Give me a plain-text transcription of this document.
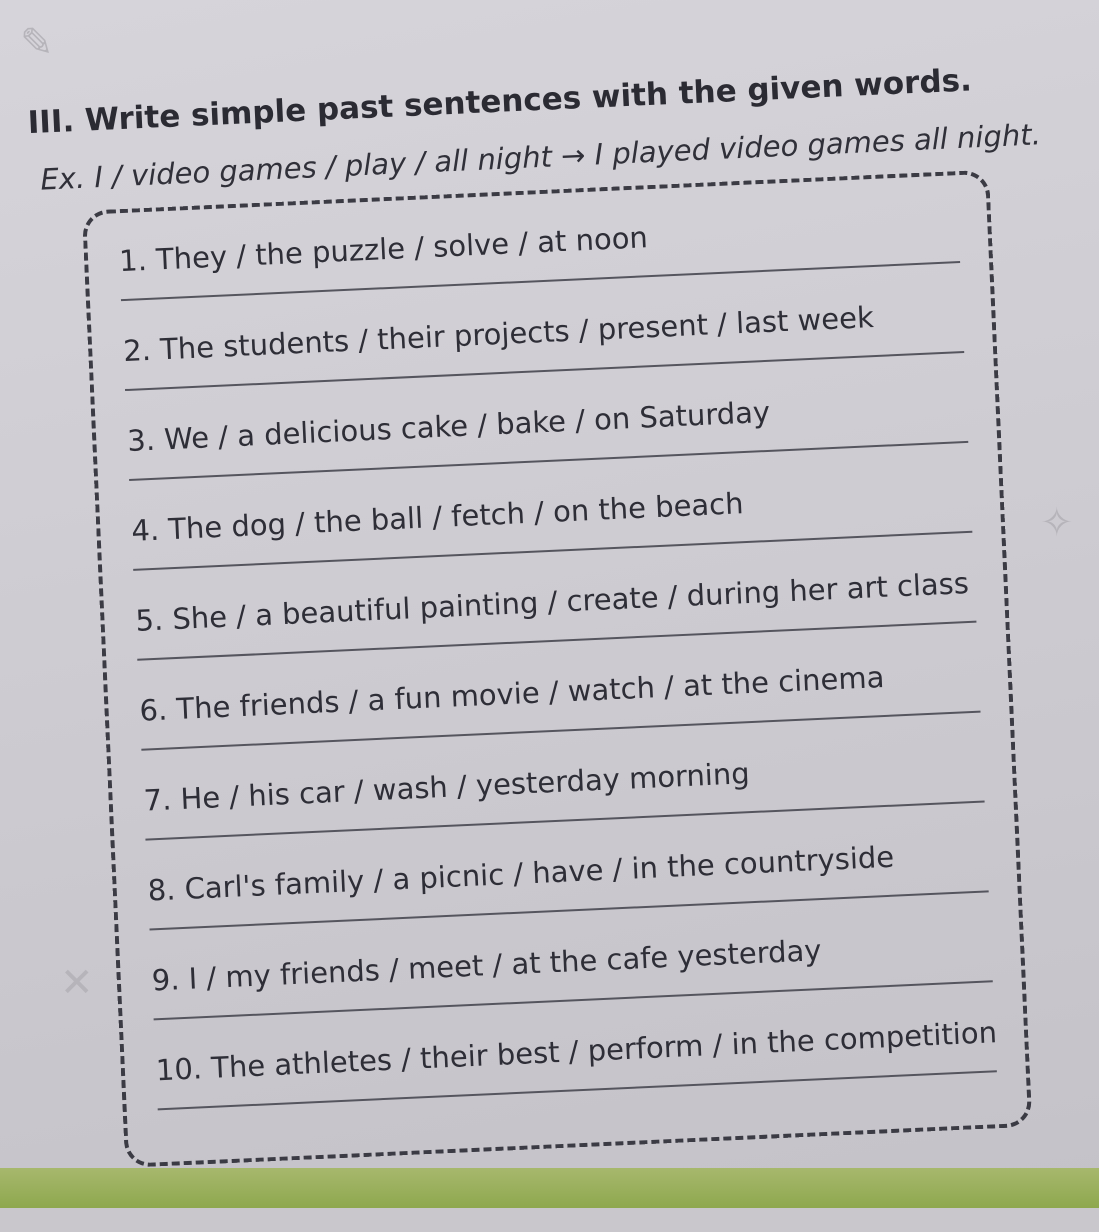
✎
✧
✕
III. Write simple past sentences with the given words.
Ex. I / video games / play / all night → I played video games all night.
1. They / the puzzle / solve / at noon
2. The students / their projects / present / last week
3. We / a delicious cake / bake / on Saturday
4. The dog / the ball / fetch / on the beach
5. She / a beautiful painting / create / during her art class
6. The friends / a fun movie / watch / at the cinema
7. He / his car / wash / yesterday morning
8. Carl's family / a picnic / have / in the countryside
9. I / my friends / meet / at the cafe yesterday
10. The athletes / their best / perform / in the competition
